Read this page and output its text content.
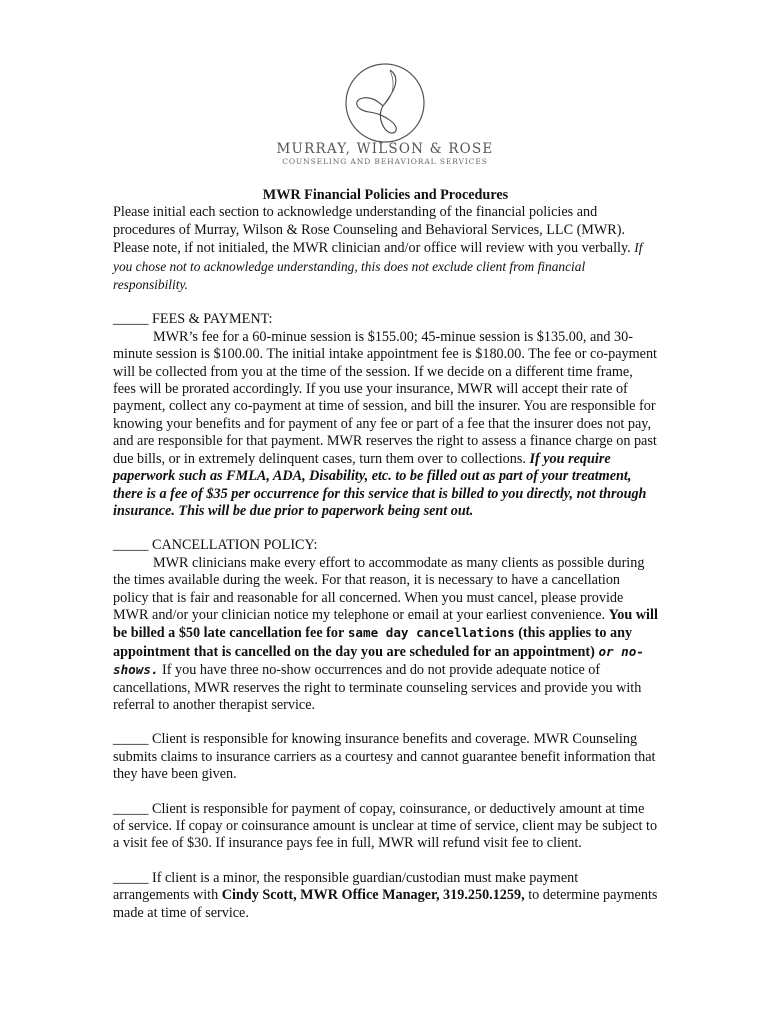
MURRAY, WILSON & ROSE
COUNSELING AND BEHAVIORAL SERVICES

MWR Financial Policies and Procedures

Please initial each section to acknowledge understanding of the financial policies and procedures of Murray, Wilson & Rose Counseling and Behavioral Services, LLC (MWR). Please note, if not initialed, the MWR clinician and/or office will review with you verbally. If you chose not to acknowledge understanding, this does not exclude client from financial responsibility.

_____ FEES & PAYMENT:

MWR’s fee for a 60-minue session is $155.00; 45-minue session is $135.00, and 30-minute session is $100.00. The initial intake appointment fee is $180.00. The fee or co-payment will be collected from you at the time of the session. If we decide on a different time frame, fees will be prorated accordingly. If you use your insurance, MWR will accept their rate of payment, collect any co-payment at time of session, and bill the insurer. You are responsible for knowing your benefits and for payment of any fee or part of a fee that the insurer does not pay, and are responsible for that payment. MWR reserves the right to assess a finance charge on past due bills, or in extremely delinquent cases, turn them over to collections. If you require paperwork such as FMLA, ADA, Disability, etc. to be filled out as part of your treatment, there is a fee of $35 per occurrence for this service that is billed to you directly, not through insurance. This will be due prior to paperwork being sent out.

_____ CANCELLATION POLICY:

MWR clinicians make every effort to accommodate as many clients as possible during the times available during the week. For that reason, it is necessary to have a cancellation policy that is fair and reasonable for all concerned. When you must cancel, please provide MWR and/or your clinician notice my telephone or email at your earliest convenience. You will be billed a $50 late cancellation fee for same day cancellations (this applies to any appointment that is cancelled on the day you are scheduled for an appointment) or no-shows. If you have three no-show occurrences and do not provide adequate notice of cancellations, MWR reserves the right to terminate counseling services and provide you with referral to another therapist service.

_____ Client is responsible for knowing insurance benefits and coverage. MWR Counseling submits claims to insurance carriers as a courtesy and cannot guarantee benefit information that they have been given.

_____ Client is responsible for payment of copay, coinsurance, or deductively amount at time of service. If copay or coinsurance amount is unclear at time of service, client may be subject to a visit fee of $30. If insurance pays fee in full, MWR will refund visit fee to client.

_____ If client is a minor, the responsible guardian/custodian must make payment arrangements with Cindy Scott, MWR Office Manager, 319.250.1259, to determine payments made at time of service.
